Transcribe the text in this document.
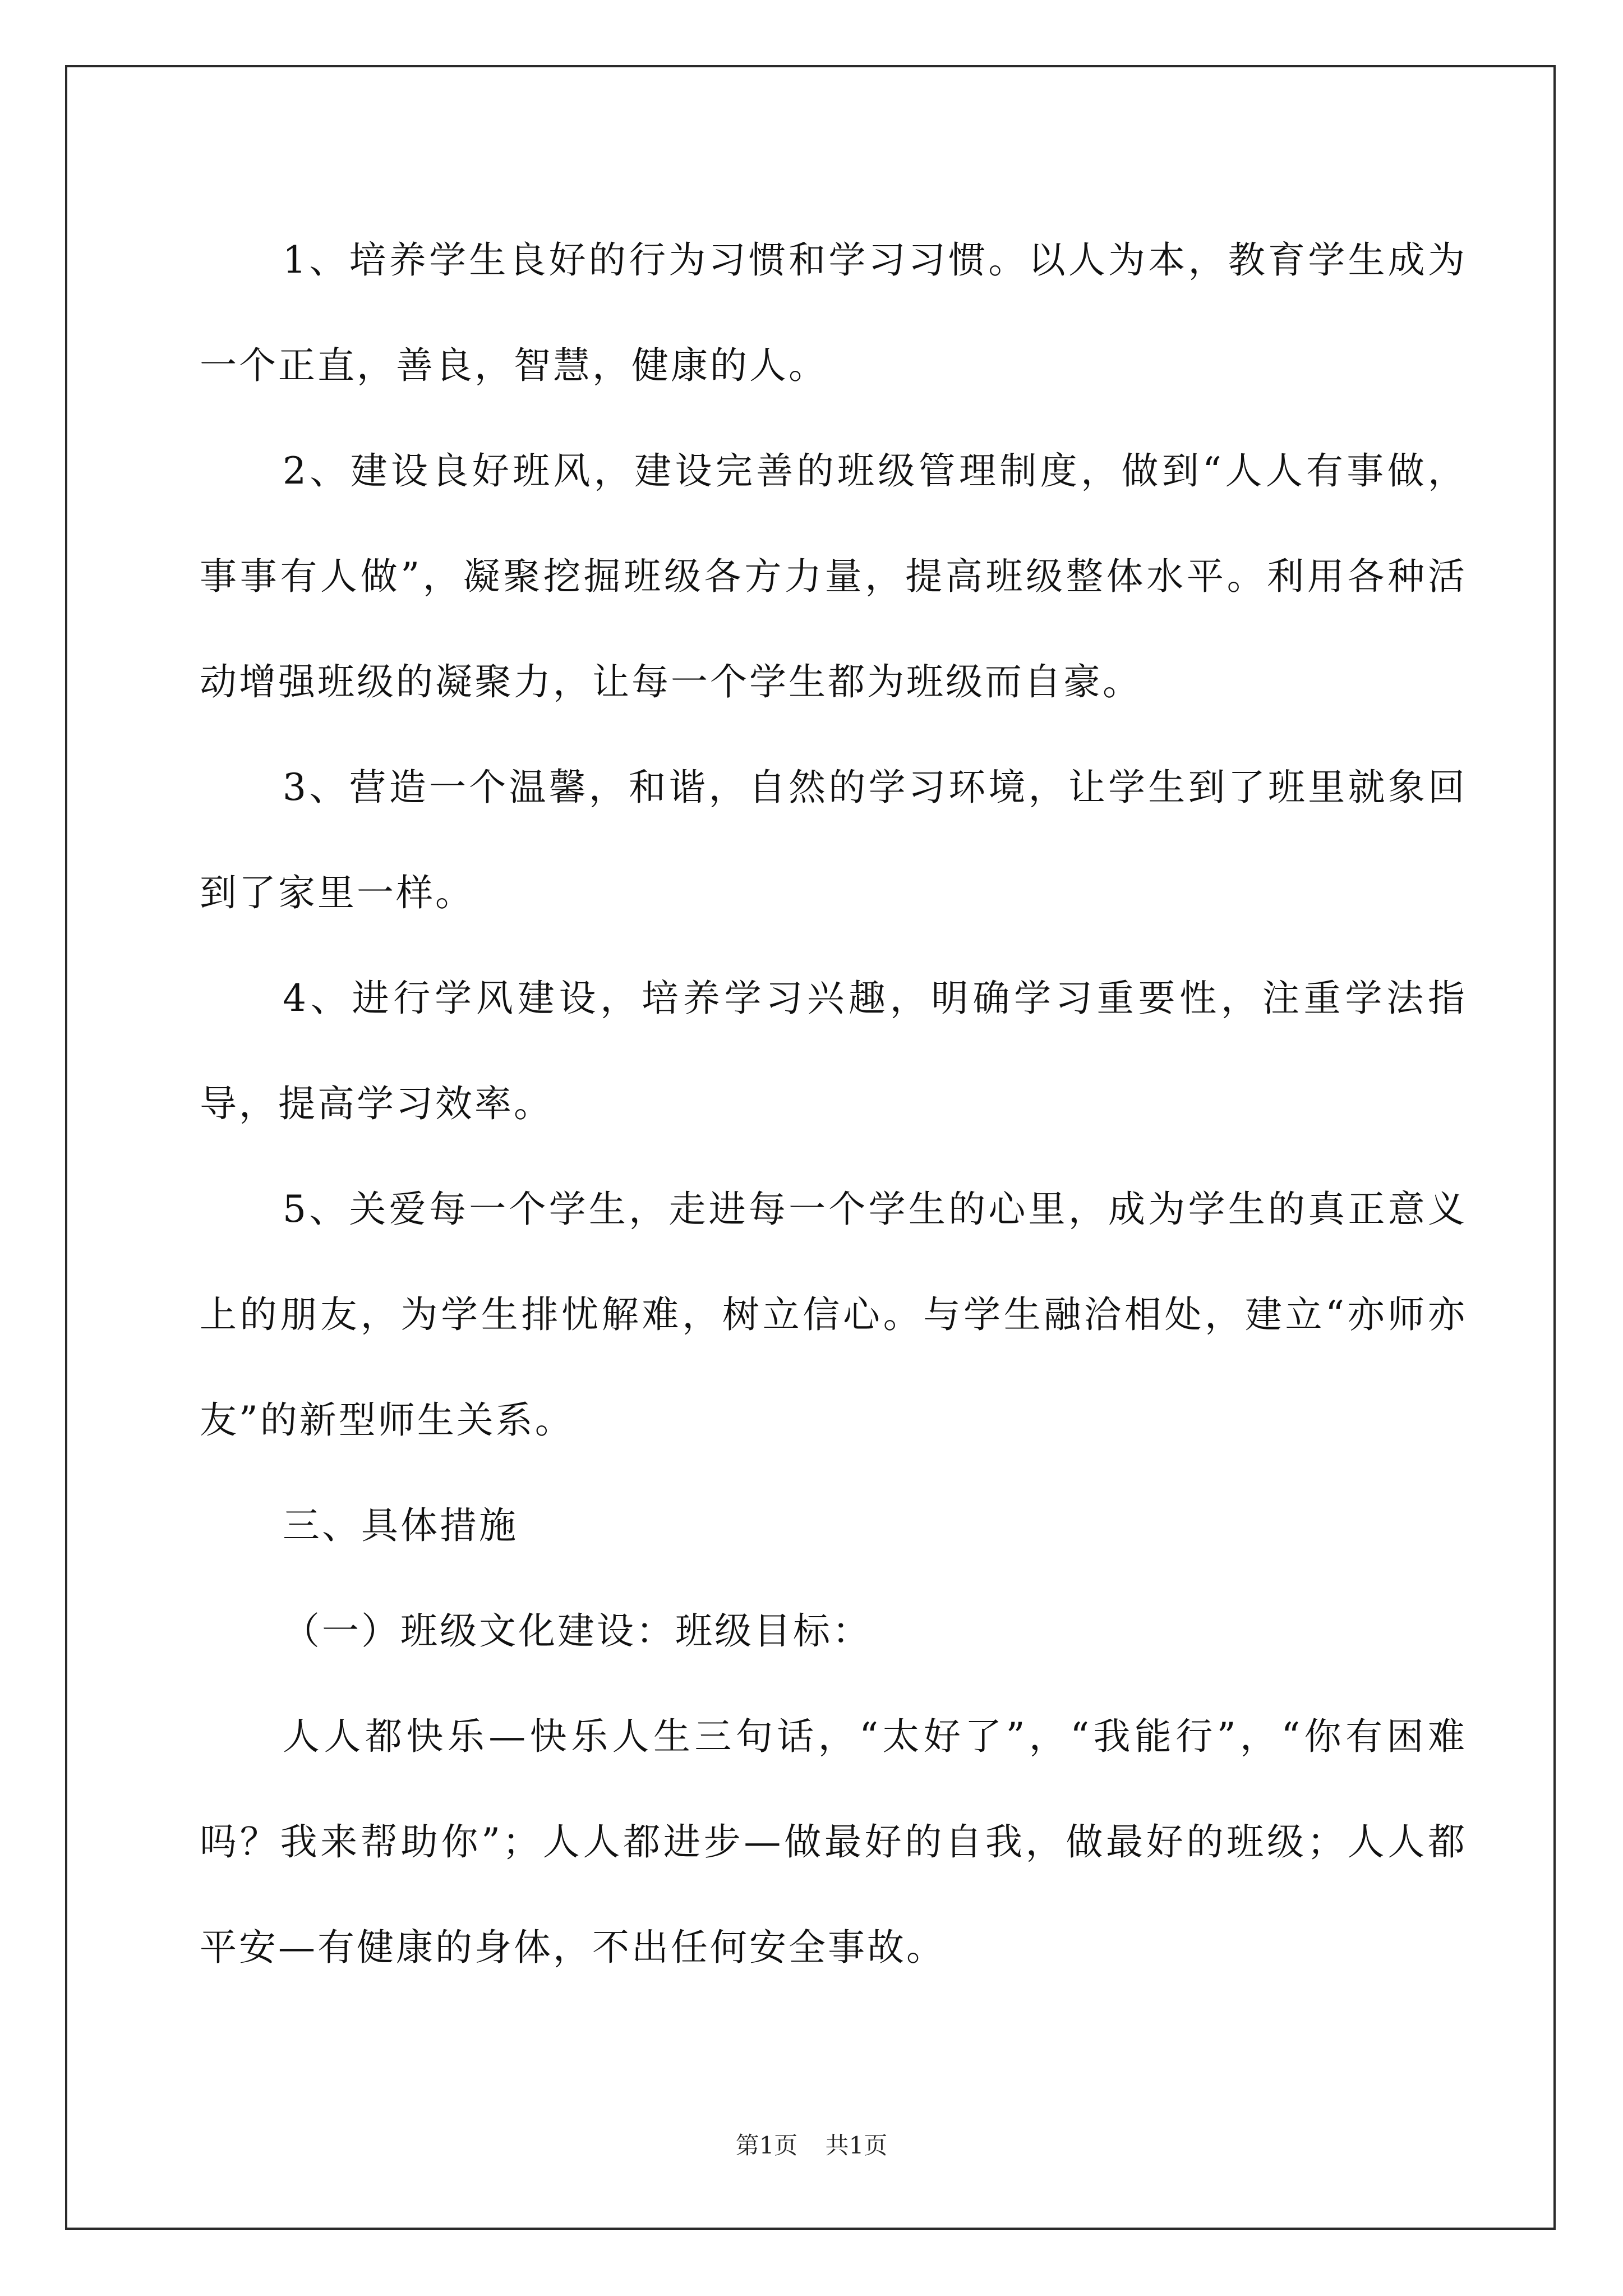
1、培养学生良好的行为习惯和学习习惯。以人为本，教育学生成为一个正直，善良，智慧，健康的人。

2、建设良好班风，建设完善的班级管理制度，做到“人人有事做，事事有人做”，凝聚挖掘班级各方力量，提高班级整体水平。利用各种活动增强班级的凝聚力，让每一个学生都为班级而自豪。

3、营造一个温馨，和谐，自然的学习环境，让学生到了班里就象回到了家里一样。

4、进行学风建设，培养学习兴趣，明确学习重要性，注重学法指导，提高学习效率。

5、关爱每一个学生，走进每一个学生的心里，成为学生的真正意义上的朋友，为学生排忧解难，树立信心。与学生融洽相处，建立“亦师亦友”的新型师生关系。

三、具体措施

（一）班级文化建设：班级目标：

人人都快乐—快乐人生三句话，“太好了”，“我能行”，“你有困难吗？我来帮助你”；人人都进步—做最好的自我，做最好的班级；人人都平安—有健康的身体，不出任何安全事故。

第1页 共1页
